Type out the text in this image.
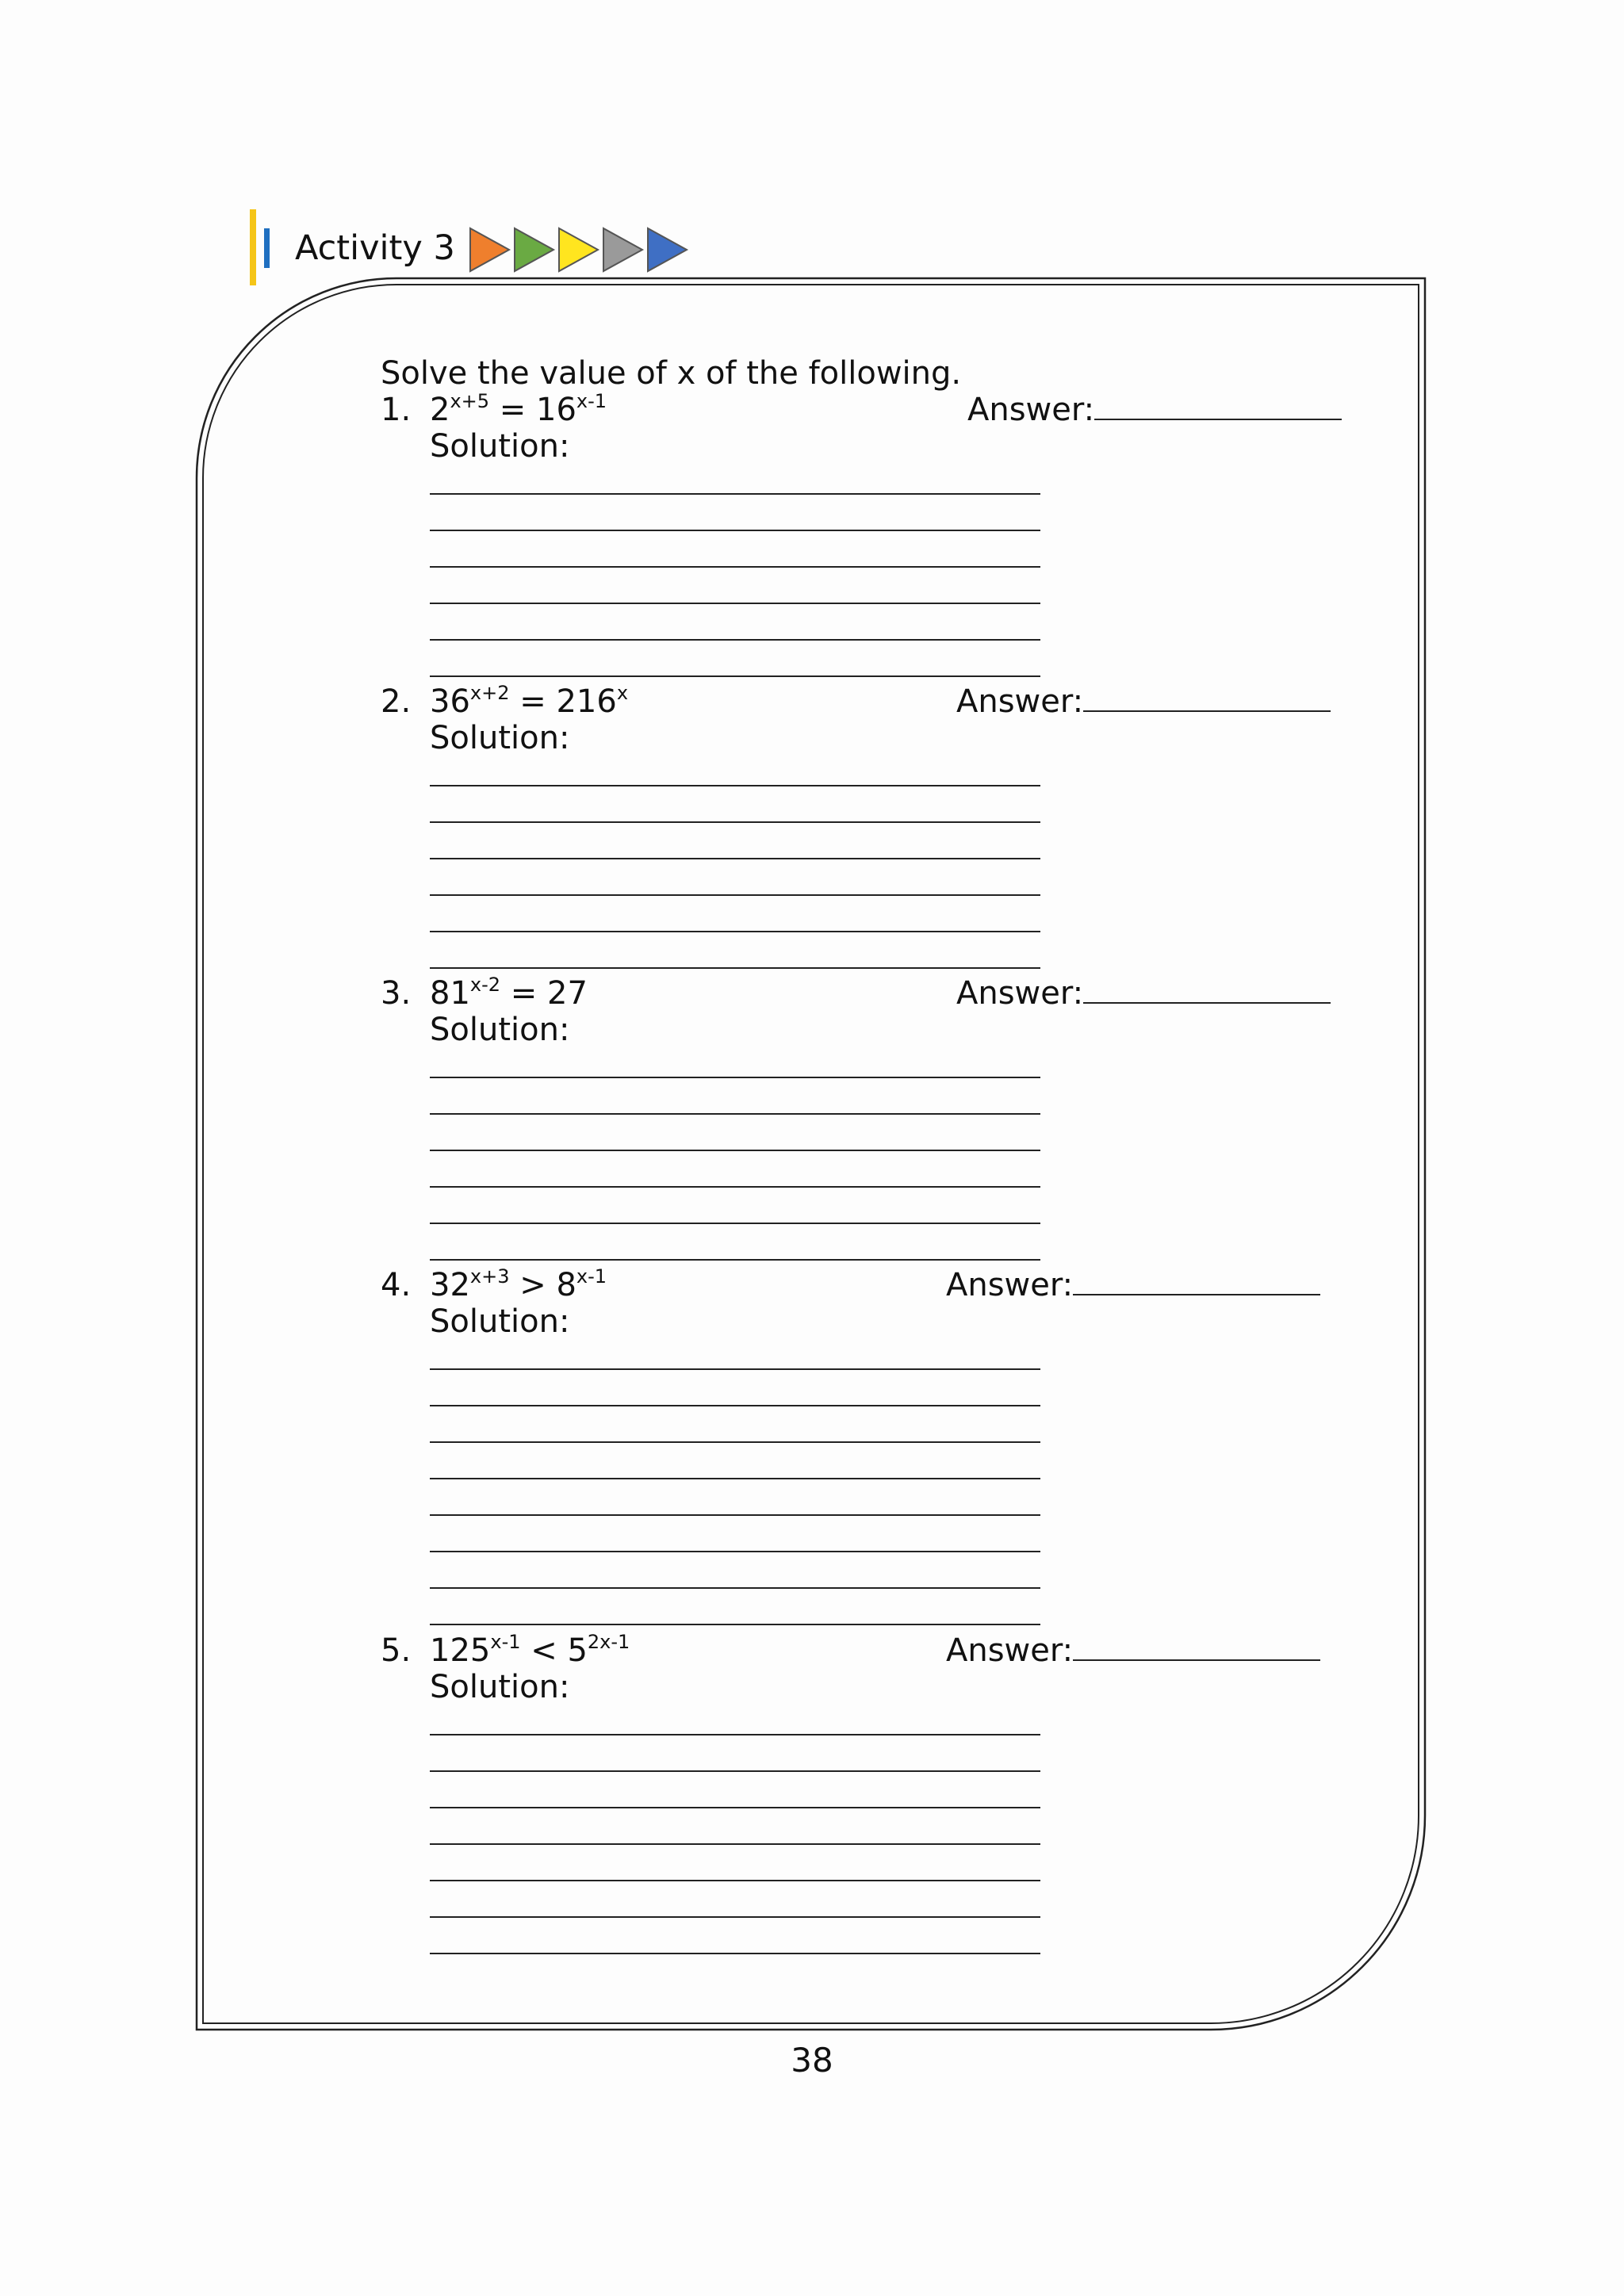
Activity 3
Solve the value of x of the following.
1. $2^{x+5} = 16^{x-1}$	Answer:
Solution:
2. $36^{x+2} = 216^x$	Answer:
Solution:
3. $81^{x-2} = 27$	Answer:
Solution:
4. $32^{x+3} > 8^{x-1}$	Answer:
Solution:
5. $125^{x-1} < 5^{2x-1}$	Answer:
Solution:
38
